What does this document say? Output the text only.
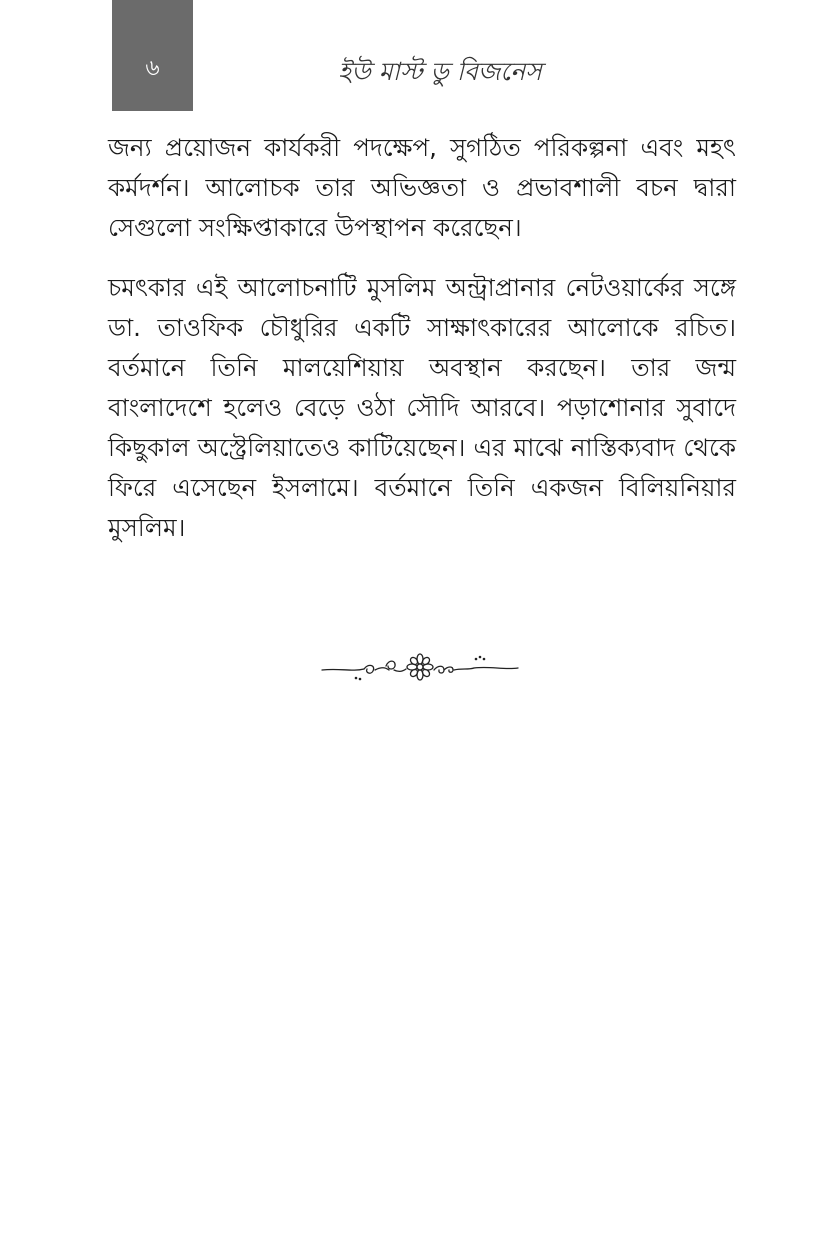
৬	ইউ মাস্ট ডু বিজনেস

জন্য প্রয়োজন কার্যকরী পদক্ষেপ, সুগঠিত পরিকল্পনা এবং মহৎ কর্মদর্শন। আলোচক তার অভিজ্ঞতা ও প্রভাবশালী বচন দ্বারা সেগুলো সংক্ষিপ্তাকারে উপস্থাপন করেছেন।

চমৎকার এই আলোচনাটি মুসলিম অন্ট্রাপ্রানার নেটওয়ার্কের সঙ্গে ডা. তাওফিক চৌধুরির একটি সাক্ষাৎকারের আলোকে রচিত। বর্তমানে তিনি মালয়েশিয়ায় অবস্থান করছেন। তার জন্ম বাংলাদেশে হলেও বেড়ে ওঠা সৌদি আরবে। পড়াশোনার সুবাদে কিছুকাল অস্ট্রেলিয়াতেও কাটিয়েছেন। এর মাঝে নাস্তিক্যবাদ থেকে ফিরে এসেছেন ইসলামে। বর্তমানে তিনি একজন বিলিয়নিয়ার মুসলিম।
